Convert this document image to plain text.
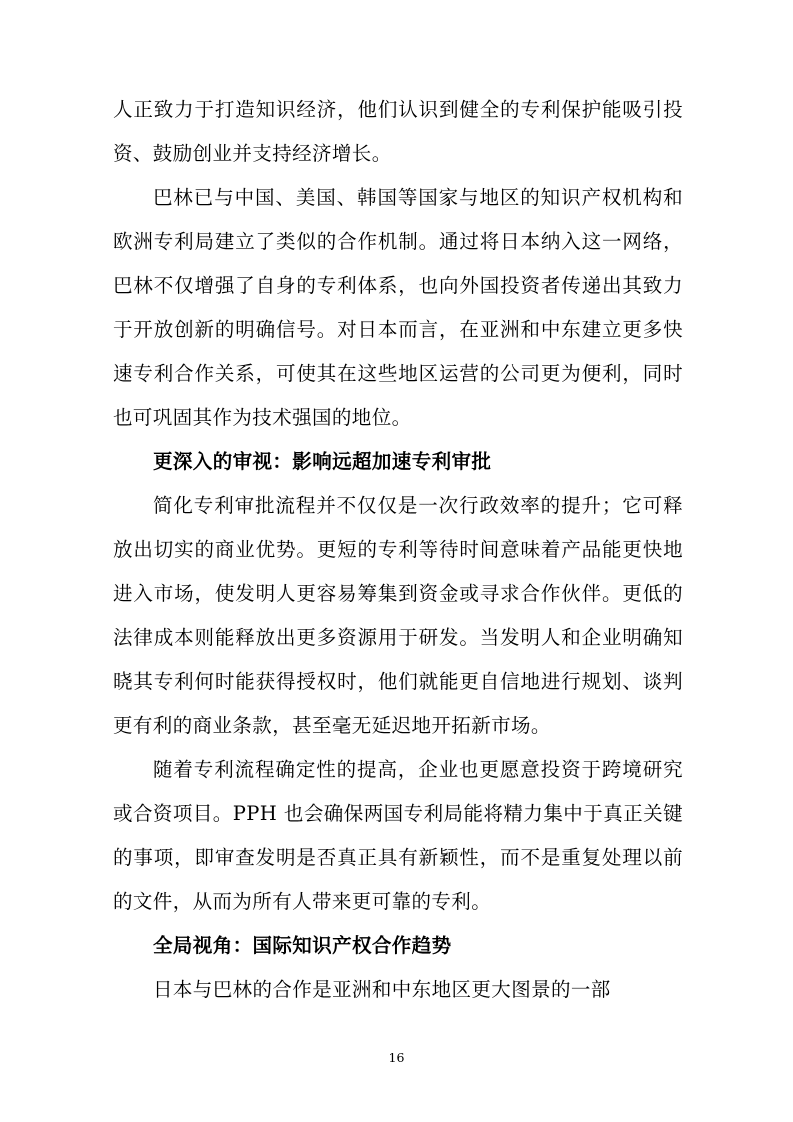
人正致力于打造知识经济，他们认识到健全的专利保护能吸引投资、鼓励创业并支持经济增长。

巴林已与中国、美国、韩国等国家与地区的知识产权机构和欧洲专利局建立了类似的合作机制。通过将日本纳入这一网络，巴林不仅增强了自身的专利体系，也向外国投资者传递出其致力于开放创新的明确信号。对日本而言，在亚洲和中东建立更多快速专利合作关系，可使其在这些地区运营的公司更为便利，同时也可巩固其作为技术强国的地位。

更深入的审视：影响远超加速专利审批

简化专利审批流程并不仅仅是一次行政效率的提升；它可释放出切实的商业优势。更短的专利等待时间意味着产品能更快地进入市场，使发明人更容易筹集到资金或寻求合作伙伴。更低的法律成本则能释放出更多资源用于研发。当发明人和企业明确知晓其专利何时能获得授权时，他们就能更自信地进行规划、谈判更有利的商业条款，甚至毫无延迟地开拓新市场。

随着专利流程确定性的提高，企业也更愿意投资于跨境研究或合资项目。PPH 也会确保两国专利局能将精力集中于真正关键的事项，即审查发明是否真正具有新颖性，而不是重复处理以前的文件，从而为所有人带来更可靠的专利。

全局视角：国际知识产权合作趋势

日本与巴林的合作是亚洲和中东地区更大图景的一部

16
